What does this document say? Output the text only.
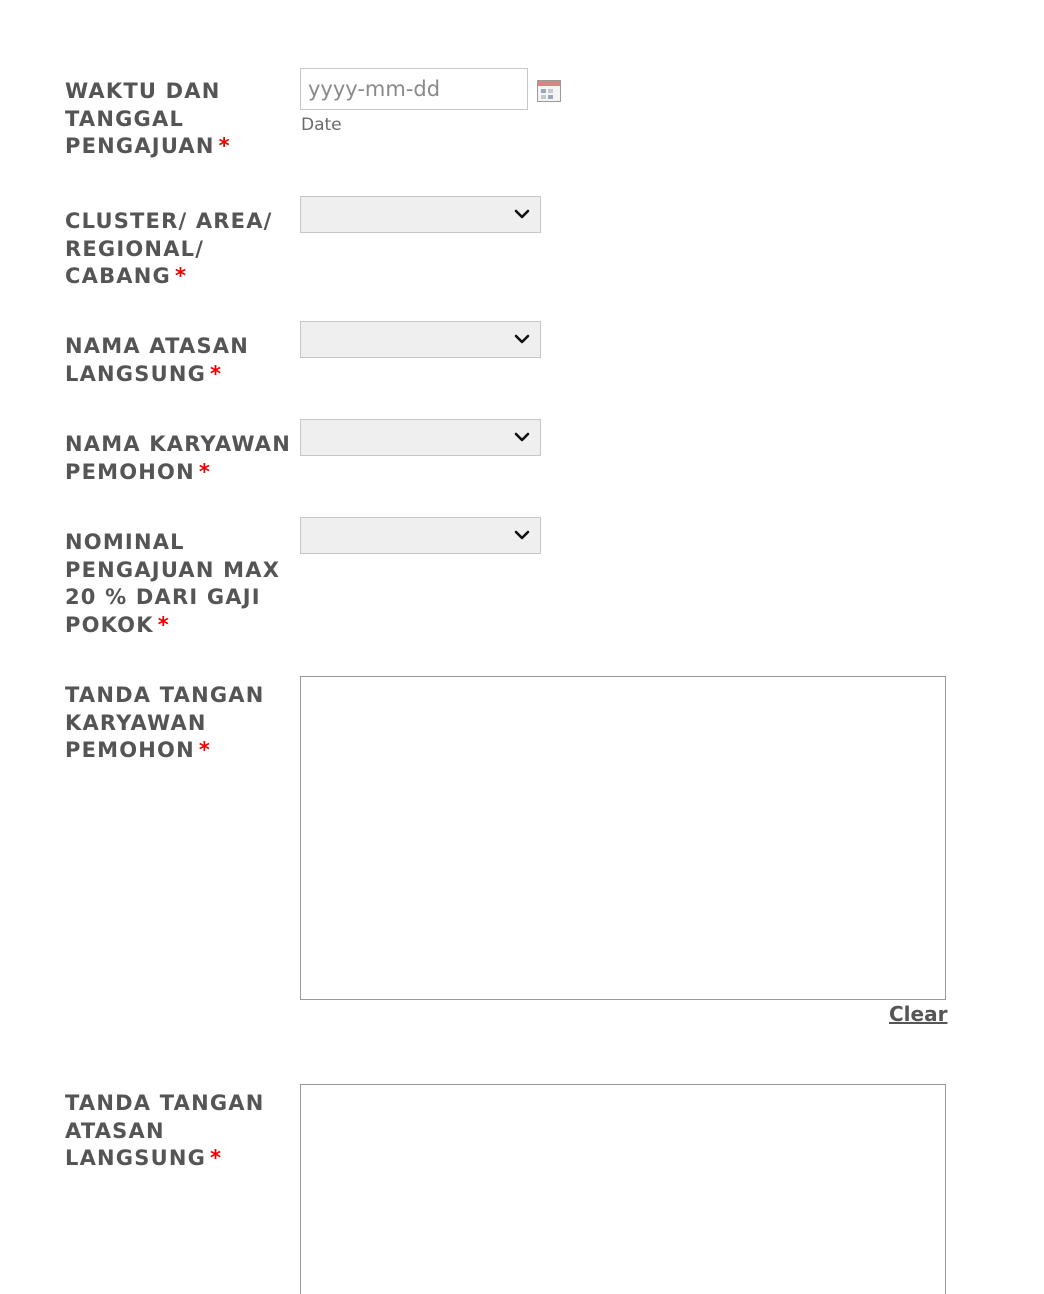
WAKTU DAN TANGGAL PENGAJUAN *
yyyy-mm-dd
Date
CLUSTER/ AREA/ REGIONAL/ CABANG *
NAMA ATASAN LANGSUNG *
NAMA KARYAWAN PEMOHON *
NOMINAL PENGAJUAN MAX 20 % DARI GAJI POKOK *
TANDA TANGAN KARYAWAN PEMOHON *
Clear
TANDA TANGAN ATASAN LANGSUNG *
